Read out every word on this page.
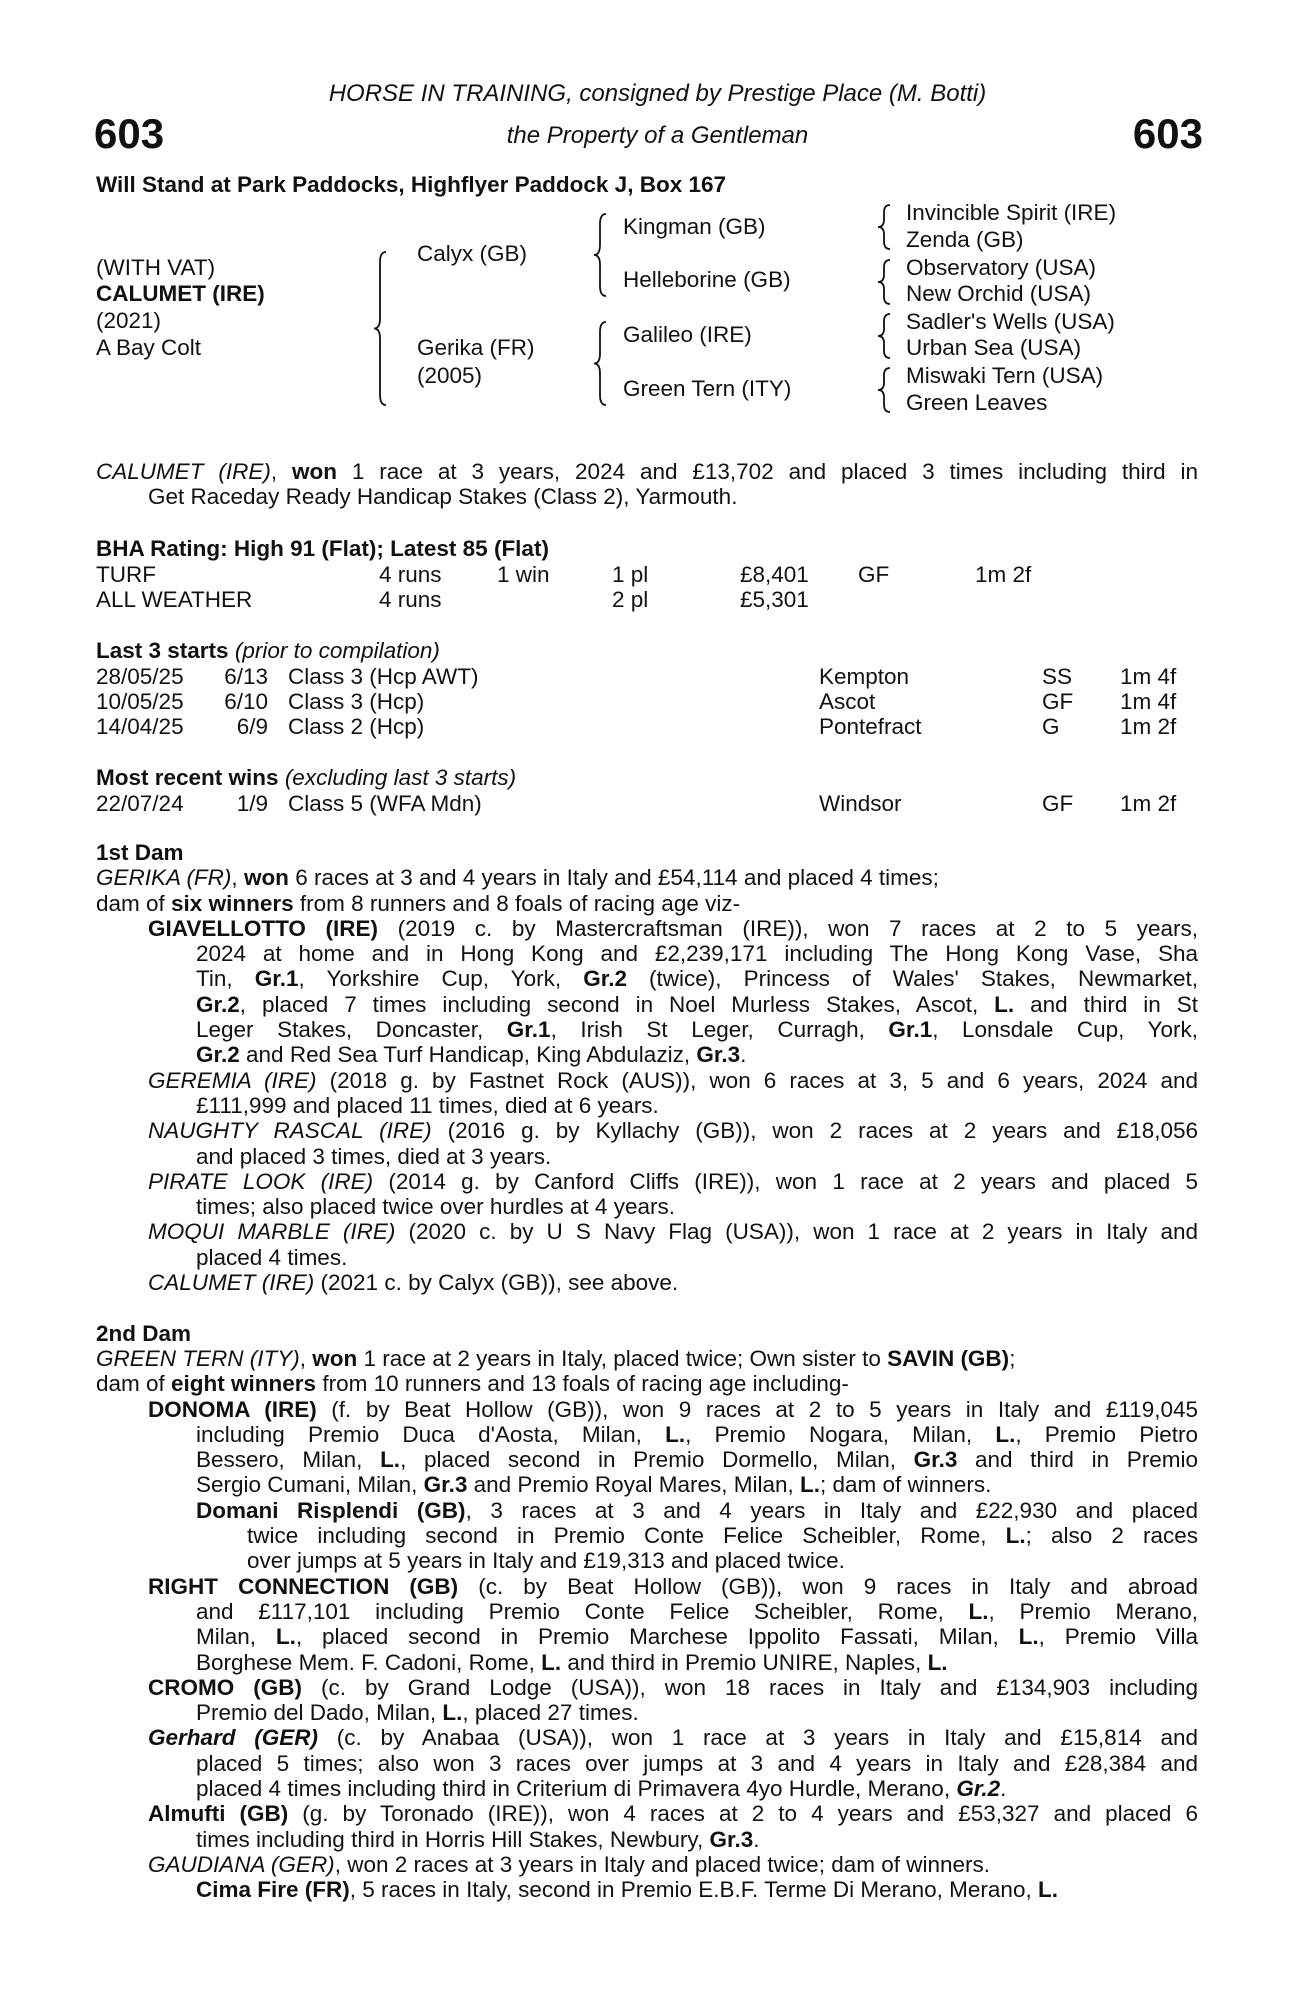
HORSE IN TRAINING, consigned by Prestige Place (M. Botti)
603	the Property of a Gentleman	603
Will Stand at Park Paddocks, Highflyer Paddock J, Box 167
(WITH VAT)
CALUMET (IRE)
(2021)
A Bay Colt
Calyx (GB)
Gerika (FR)
(2005)
Kingman (GB)
Helleborine (GB)
Galileo (IRE)
Green Tern (ITY)
Invincible Spirit (IRE)
Zenda (GB)
Observatory (USA)
New Orchid (USA)
Sadler's Wells (USA)
Urban Sea (USA)
Miswaki Tern (USA)
Green Leaves
CALUMET (IRE), won 1 race at 3 years, 2024 and £13,702 and placed 3 times including third in
Get Raceday Ready Handicap Stakes (Class 2), Yarmouth.
BHA Rating: High 91 (Flat); Latest 85 (Flat)
TURF	4 runs 1 win	1 pl	£8,401 GF	1m 2f
ALL WEATHER	4 runs	2 pl	£5,301
Last 3 starts (prior to compilation)
28/05/25	6/13 Class 3 (Hcp AWT)	Kempton	SS 1m 4f
10/05/25	6/10 Class 3 (Hcp)	Ascot	GF 1m 4f
14/04/25	6/9 Class 2 (Hcp)	Pontefract	G	1m 2f
Most recent wins (excluding last 3 starts)
22/07/24	1/9 Class 5 (WFA Mdn)	Windsor	GF 1m 2f
1st Dam
GERIKA (FR), won 6 races at 3 and 4 years in Italy and £54,114 and placed 4 times;
dam of six winners from 8 runners and 8 foals of racing age viz-
GIAVELLOTTO (IRE) (2019 c. by Mastercraftsman (IRE)), won 7 races at 2 to 5 years,
2024 at home and in Hong Kong and £2,239,171 including The Hong Kong Vase, Sha
Tin, Gr.1, Yorkshire Cup, York, Gr.2 (twice), Princess of Wales' Stakes, Newmarket,
Gr.2, placed 7 times including second in Noel Murless Stakes, Ascot, L. and third in St
Leger Stakes, Doncaster, Gr.1, Irish St Leger, Curragh, Gr.1, Lonsdale Cup, York,
Gr.2 and Red Sea Turf Handicap, King Abdulaziz, Gr.3.
GEREMIA (IRE) (2018 g. by Fastnet Rock (AUS)), won 6 races at 3, 5 and 6 years, 2024 and
£111,999 and placed 11 times, died at 6 years.
NAUGHTY RASCAL (IRE) (2016 g. by Kyllachy (GB)), won 2 races at 2 years and £18,056
and placed 3 times, died at 3 years.
PIRATE LOOK (IRE) (2014 g. by Canford Cliffs (IRE)), won 1 race at 2 years and placed 5
times; also placed twice over hurdles at 4 years.
MOQUI MARBLE (IRE) (2020 c. by U S Navy Flag (USA)), won 1 race at 2 years in Italy and
placed 4 times.
CALUMET (IRE) (2021 c. by Calyx (GB)), see above.
2nd Dam
GREEN TERN (ITY), won 1 race at 2 years in Italy, placed twice; Own sister to SAVIN (GB);
dam of eight winners from 10 runners and 13 foals of racing age including-
DONOMA (IRE) (f. by Beat Hollow (GB)), won 9 races at 2 to 5 years in Italy and £119,045
including Premio Duca d'Aosta, Milan, L., Premio Nogara, Milan, L., Premio Pietro
Bessero, Milan, L., placed second in Premio Dormello, Milan, Gr.3 and third in Premio
Sergio Cumani, Milan, Gr.3 and Premio Royal Mares, Milan, L.; dam of winners.
Domani Risplendi (GB), 3 races at 3 and 4 years in Italy and £22,930 and placed
twice including second in Premio Conte Felice Scheibler, Rome, L.; also 2 races
over jumps at 5 years in Italy and £19,313 and placed twice.
RIGHT CONNECTION (GB) (c. by Beat Hollow (GB)), won 9 races in Italy and abroad
and £117,101 including Premio Conte Felice Scheibler, Rome, L., Premio Merano,
Milan, L., placed second in Premio Marchese Ippolito Fassati, Milan, L., Premio Villa
Borghese Mem. F. Cadoni, Rome, L. and third in Premio UNIRE, Naples, L.
CROMO (GB) (c. by Grand Lodge (USA)), won 18 races in Italy and £134,903 including
Premio del Dado, Milan, L., placed 27 times.
Gerhard (GER) (c. by Anabaa (USA)), won 1 race at 3 years in Italy and £15,814 and
placed 5 times; also won 3 races over jumps at 3 and 4 years in Italy and £28,384 and
placed 4 times including third in Criterium di Primavera 4yo Hurdle, Merano, Gr.2.
Almufti (GB) (g. by Toronado (IRE)), won 4 races at 2 to 4 years and £53,327 and placed 6
times including third in Horris Hill Stakes, Newbury, Gr.3.
GAUDIANA (GER), won 2 races at 3 years in Italy and placed twice; dam of winners.
Cima Fire (FR), 5 races in Italy, second in Premio E.B.F. Terme Di Merano, Merano, L.
